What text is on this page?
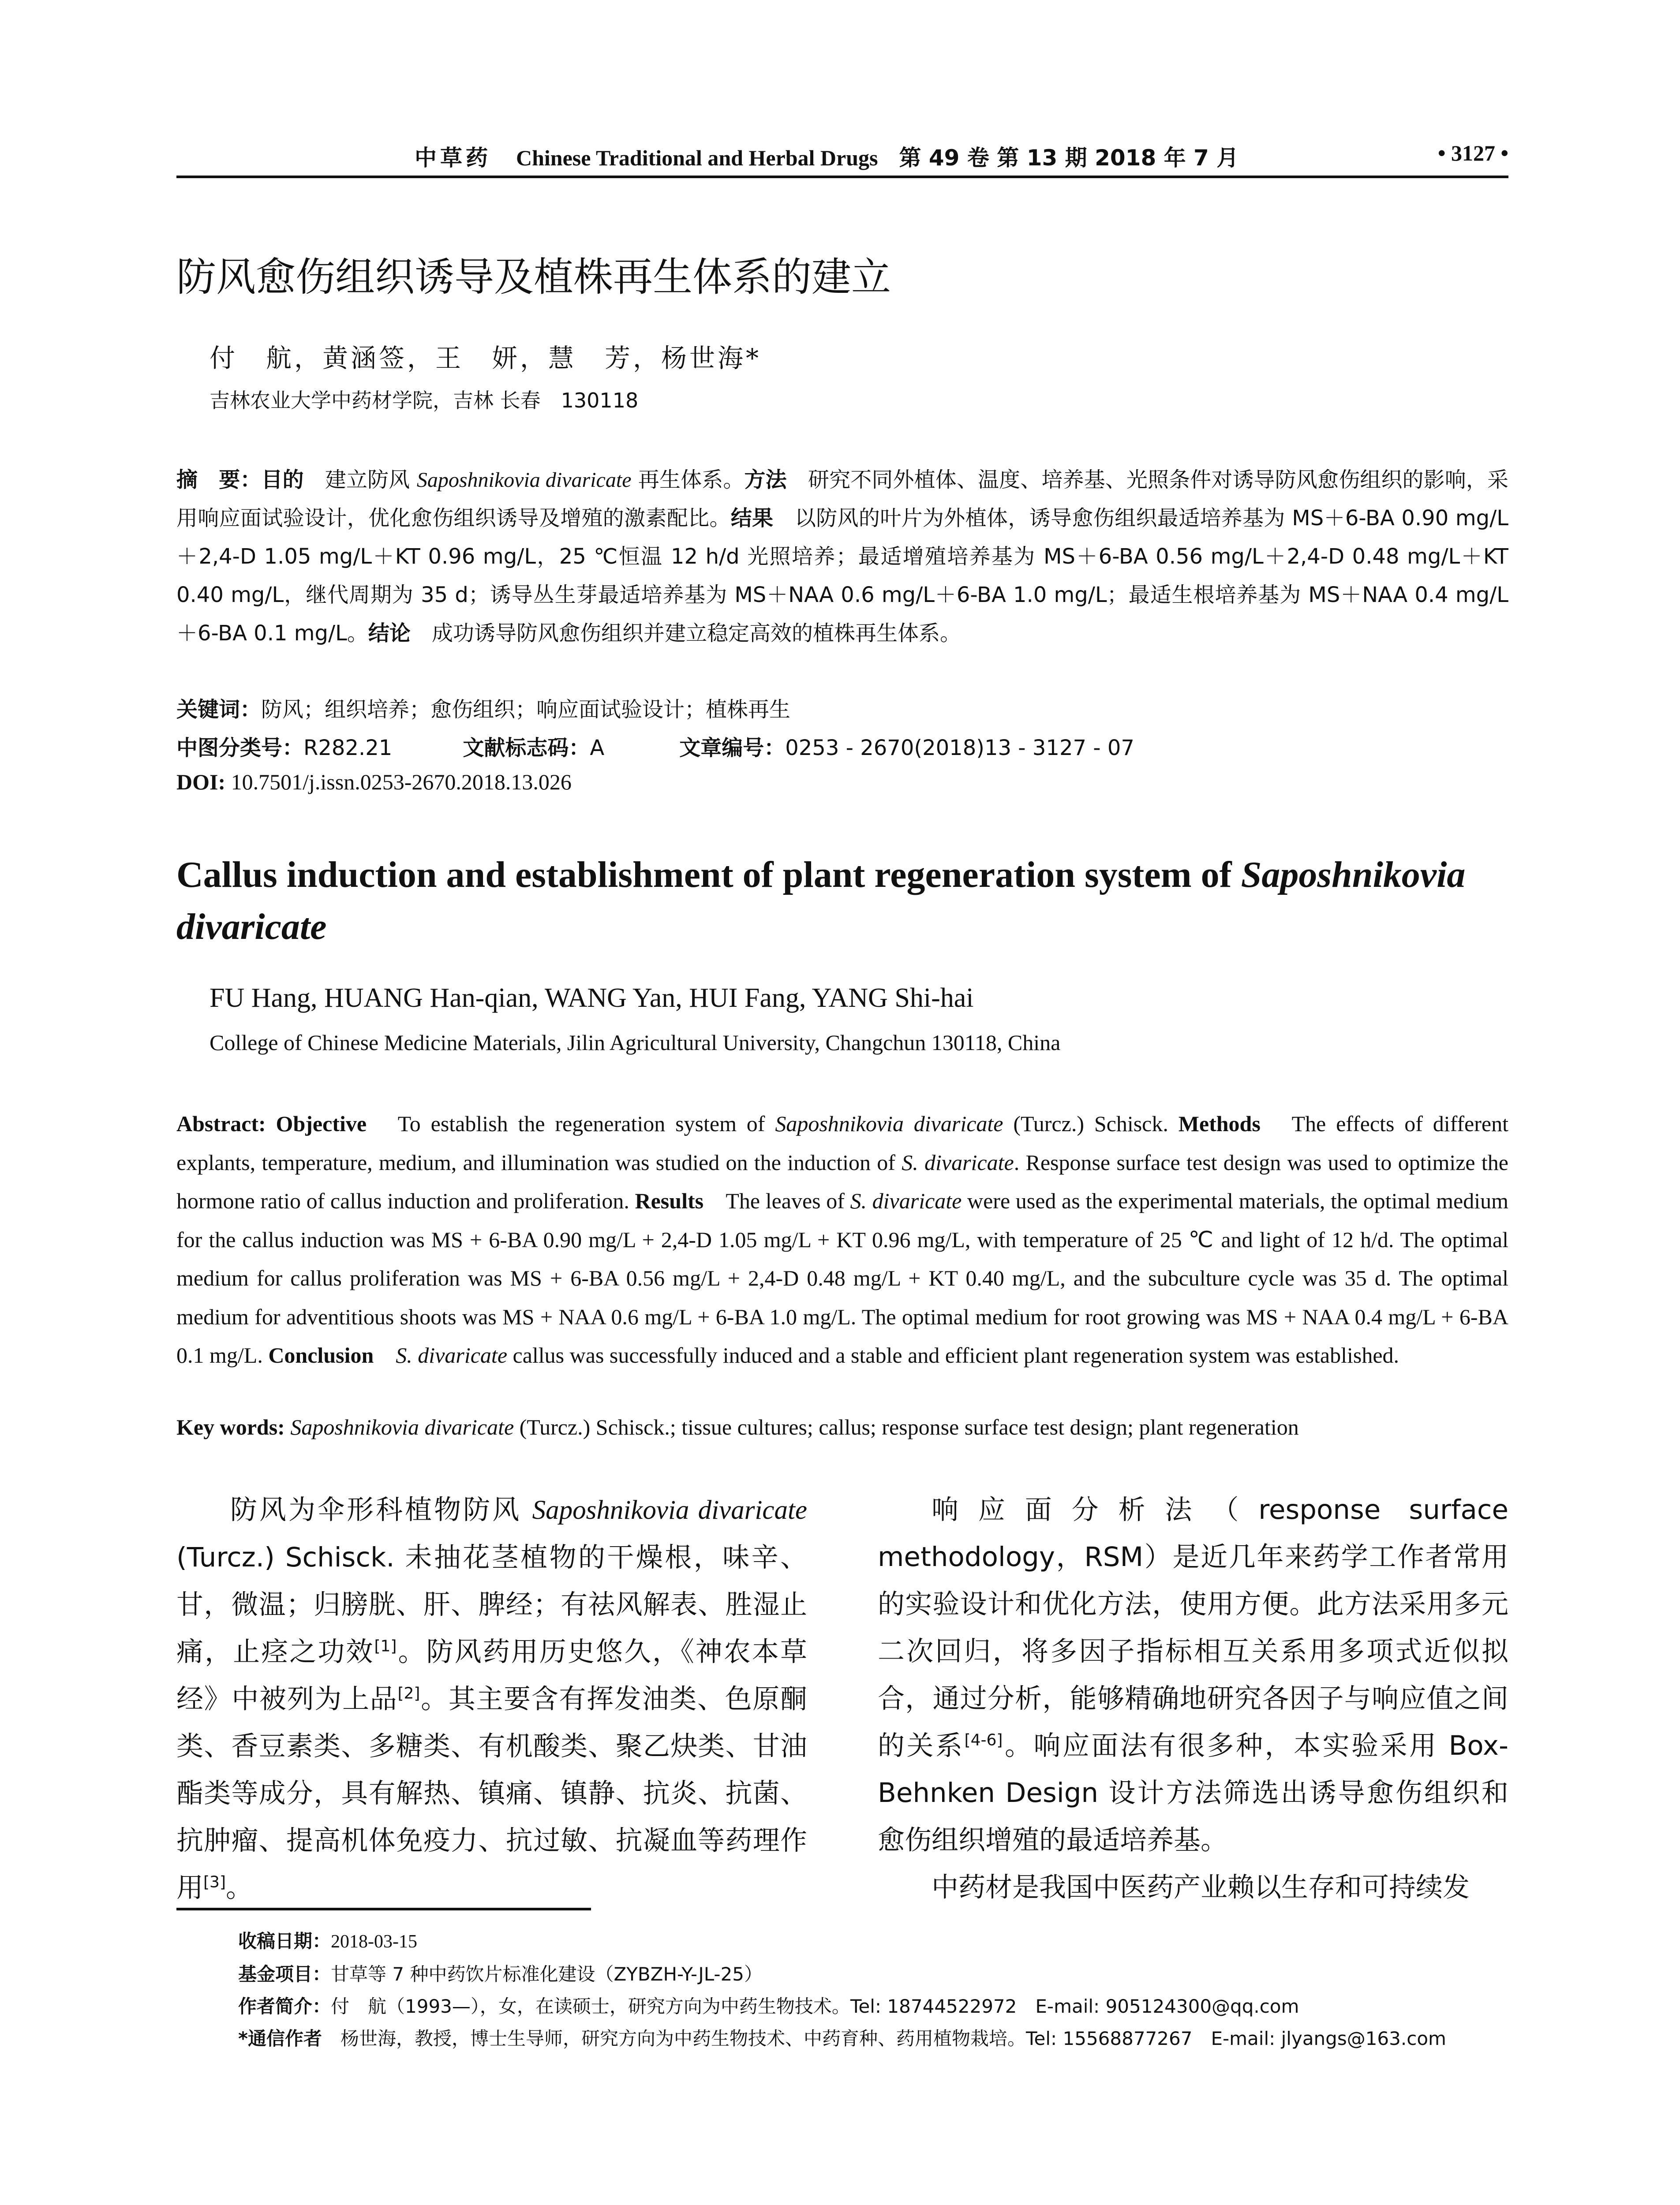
中草药 Chinese Traditional and Herbal Drugs 第 49 卷 第 13 期 2018 年 7 月	• 3127 •
防风愈伤组织诱导及植株再生体系的建立
付　航，黄涵签，王　妍，慧　芳，杨世海*
吉林农业大学中药材学院，吉林 长春　130118
摘　要：目的　建立防风 Saposhnikovia divaricate 再生体系。方法　研究不同外植体、温度、培养基、光照条件对诱导防风愈伤组织的影响，采用响应面试验设计，优化愈伤组织诱导及增殖的激素配比。结果　以防风的叶片为外植体，诱导愈伤组织最适培养基为 MS＋6-BA 0.90 mg/L＋2,4-D 1.05 mg/L＋KT 0.96 mg/L，25 ℃恒温 12 h/d 光照培养；最适增殖培养基为 MS＋6-BA 0.56 mg/L＋2,4-D 0.48 mg/L＋KT 0.40 mg/L，继代周期为 35 d；诱导丛生芽最适培养基为 MS＋NAA 0.6 mg/L＋6-BA 1.0 mg/L；最适生根培养基为 MS＋NAA 0.4 mg/L＋6-BA 0.1 mg/L。结论　成功诱导防风愈伤组织并建立稳定高效的植株再生体系。
关键词：防风；组织培养；愈伤组织；响应面试验设计；植株再生
中图分类号：R282.21	文献标志码：A	文章编号：0253 - 2670(2018)13 - 3127 - 07
DOI: 10.7501/j.issn.0253-2670.2018.13.026
Callus induction and establishment of plant regeneration system of Saposhnikovia divaricate
FU Hang, HUANG Han-qian, WANG Yan, HUI Fang, YANG Shi-hai
College of Chinese Medicine Materials, Jilin Agricultural University, Changchun 130118, China
Abstract: Objective　To establish the regeneration system of Saposhnikovia divaricate (Turcz.) Schisck. Methods　The effects of different explants, temperature, medium, and illumination was studied on the induction of S. divaricate. Response surface test design was used to optimize the hormone ratio of callus induction and proliferation. Results　The leaves of S. divaricate were used as the experimental materials, the optimal medium for the callus induction was MS + 6-BA 0.90 mg/L + 2,4-D 1.05 mg/L + KT 0.96 mg/L, with temperature of 25 ℃ and light of 12 h/d. The optimal medium for callus proliferation was MS + 6-BA 0.56 mg/L + 2,4-D 0.48 mg/L + KT 0.40 mg/L, and the subculture cycle was 35 d. The optimal medium for adventitious shoots was MS + NAA 0.6 mg/L + 6-BA 1.0 mg/L. The optimal medium for root growing was MS + NAA 0.4 mg/L + 6-BA 0.1 mg/L. Conclusion　S. divaricate callus was successfully induced and a stable and efficient plant regeneration system was established.
Key words: Saposhnikovia divaricate (Turcz.) Schisck.; tissue cultures; callus; response surface test design; plant regeneration

防风为伞形科植物防风 Saposhnikovia divaricate (Turcz.) Schisck. 未抽花茎植物的干燥根，味辛、甘，微温；归膀胱、肝、脾经；有祛风解表、胜湿止痛，止痉之功效[1]。防风药用历史悠久，《神农本草经》中被列为上品[2]。其主要含有挥发油类、色原酮类、香豆素类、多糖类、有机酸类、聚乙炔类、甘油酯类等成分，具有解热、镇痛、镇静、抗炎、抗菌、抗肿瘤、提高机体免疫力、抗过敏、抗凝血等药理作用[3]。

响应面分析法（response surface methodology，RSM）是近几年来药学工作者常用的实验设计和优化方法，使用方便。此方法采用多元二次回归，将多因子指标相互关系用多项式近似拟合，通过分析，能够精确地研究各因子与响应值之间的关系[4-6]。响应面法有很多种，本实验采用 Box-Behnken Design 设计方法筛选出诱导愈伤组织和愈伤组织增殖的最适培养基。

中药材是我国中医药产业赖以生存和可持续发

收稿日期：2018-03-15
基金项目：甘草等 7 种中药饮片标准化建设（ZYBZH-Y-JL-25）
作者简介：付　航（1993—），女，在读硕士，研究方向为中药生物技术。Tel: 18744522972　E-mail: 905124300@qq.com
*通信作者　杨世海，教授，博士生导师，研究方向为中药生物技术、中药育种、药用植物栽培。Tel: 15568877267　E-mail: jlyangs@163.com
